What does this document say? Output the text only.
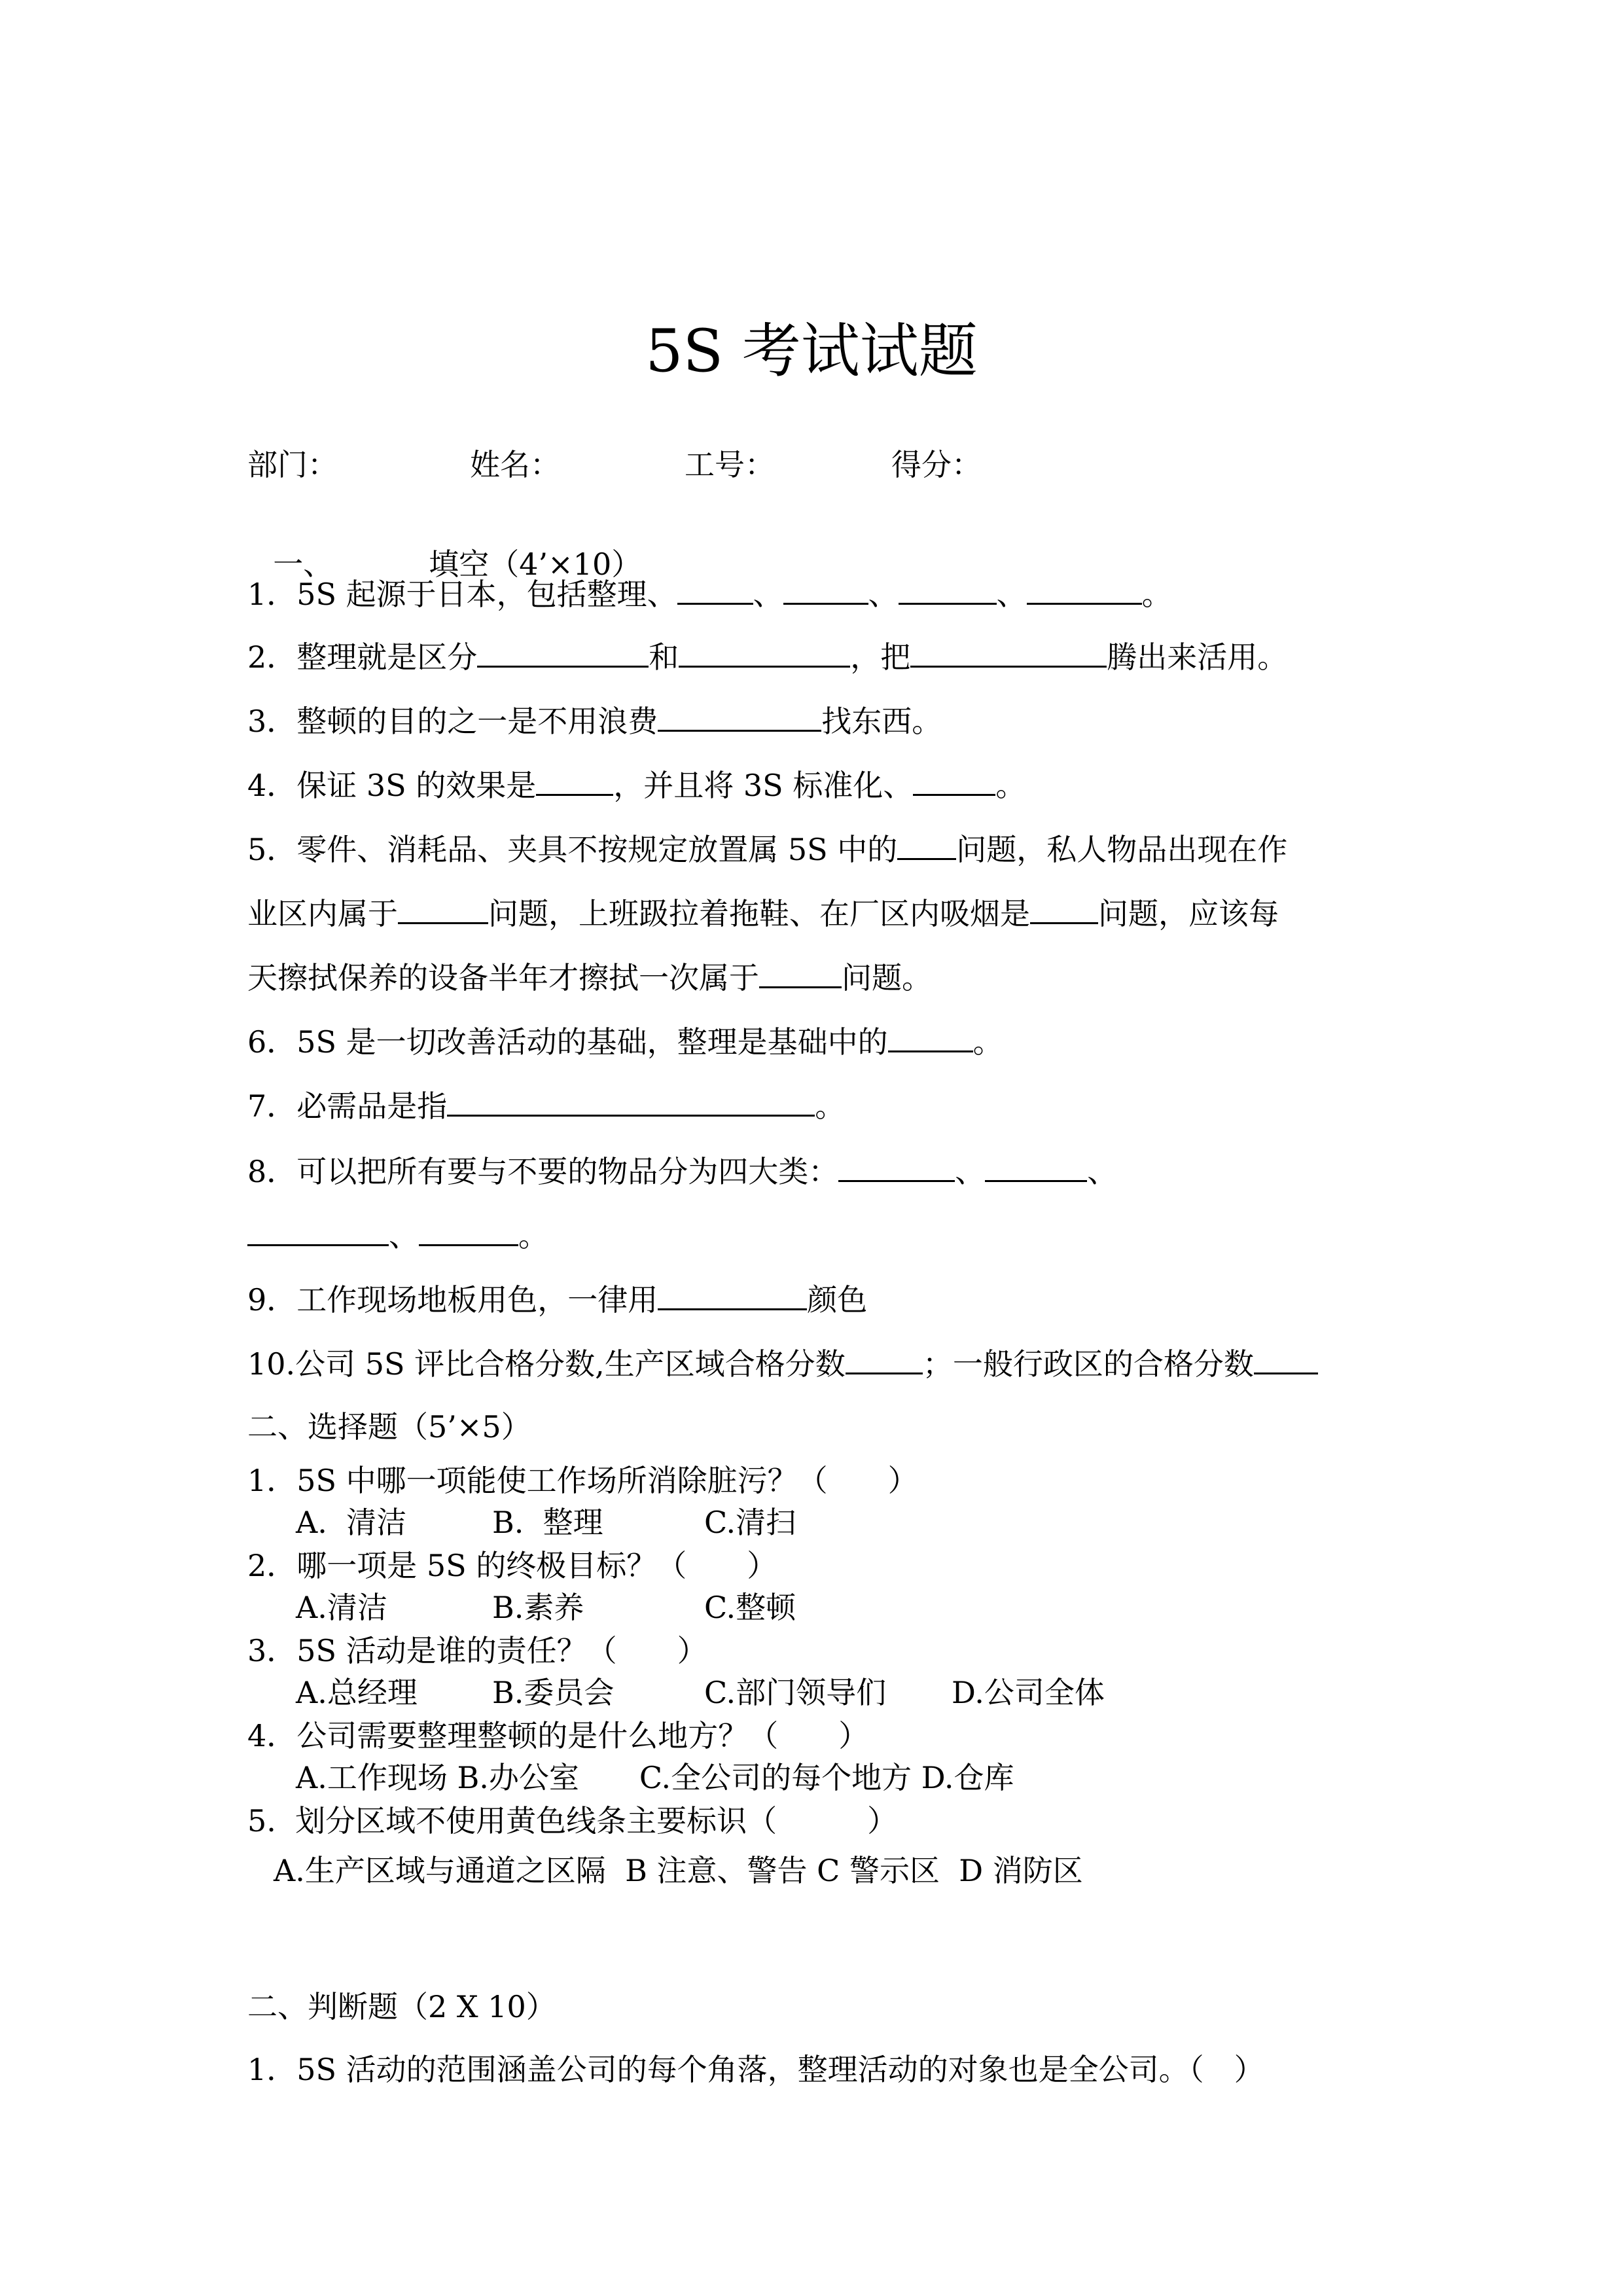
5S 考试试题
部门：	姓名：	工号：	得分：

一、	填空（4’×10）

1．5S 起源于日本，包括整理、	、	、	、	。
2．整理就是区分	和	，把	腾出来活用。
3．整顿的目的之一是不用浪费	找东西。
4．保证 3S 的效果是	，并且将 3S 标准化、	。
5．零件、消耗品、夹具不按规定放置属 5S 中的 问题，私人物品出现在作
业区内属于	问题，上班趿拉着拖鞋、在厂区内吸烟是 问题，应该每
天擦拭保养的设备半年才擦拭一次属于	问题。
6．5S 是一切改善活动的基础，整理是基础中的	。
7．必需品是指	。
8．可以把所有要与不要的物品分为四大类：	、	、
、	。
9．工作现场地板用色，一律用	颜色
10.公司 5S 评比合格分数,生产区域合格分数	；一般行政区的合格分数
二、选择题（5’×5）
1．5S 中哪一项能使工作场所消除脏污？（　　）
A.  清洁	B.  整理	C.清扫
2．哪一项是 5S 的终极目标？（　　）
A.清洁	B.素养	C.整顿
3．5S 活动是谁的责任？（　　）
A.总经理 B.委员会	C.部门领导们 D.公司全体
4．公司需要整理整顿的是什么地方？（　　）
A.工作现场 B.办公室　　C.全公司的每个地方 D.仓库
5.  划分区域不使用黄色线条主要标识（　　　）
A.生产区域与通道之区隔  B 注意、警告 C 警示区  D 消防区
二、判断题（2 X 10）
1．5S 活动的范围涵盖公司的每个角落，整理活动的对象也是全公司。（　）
